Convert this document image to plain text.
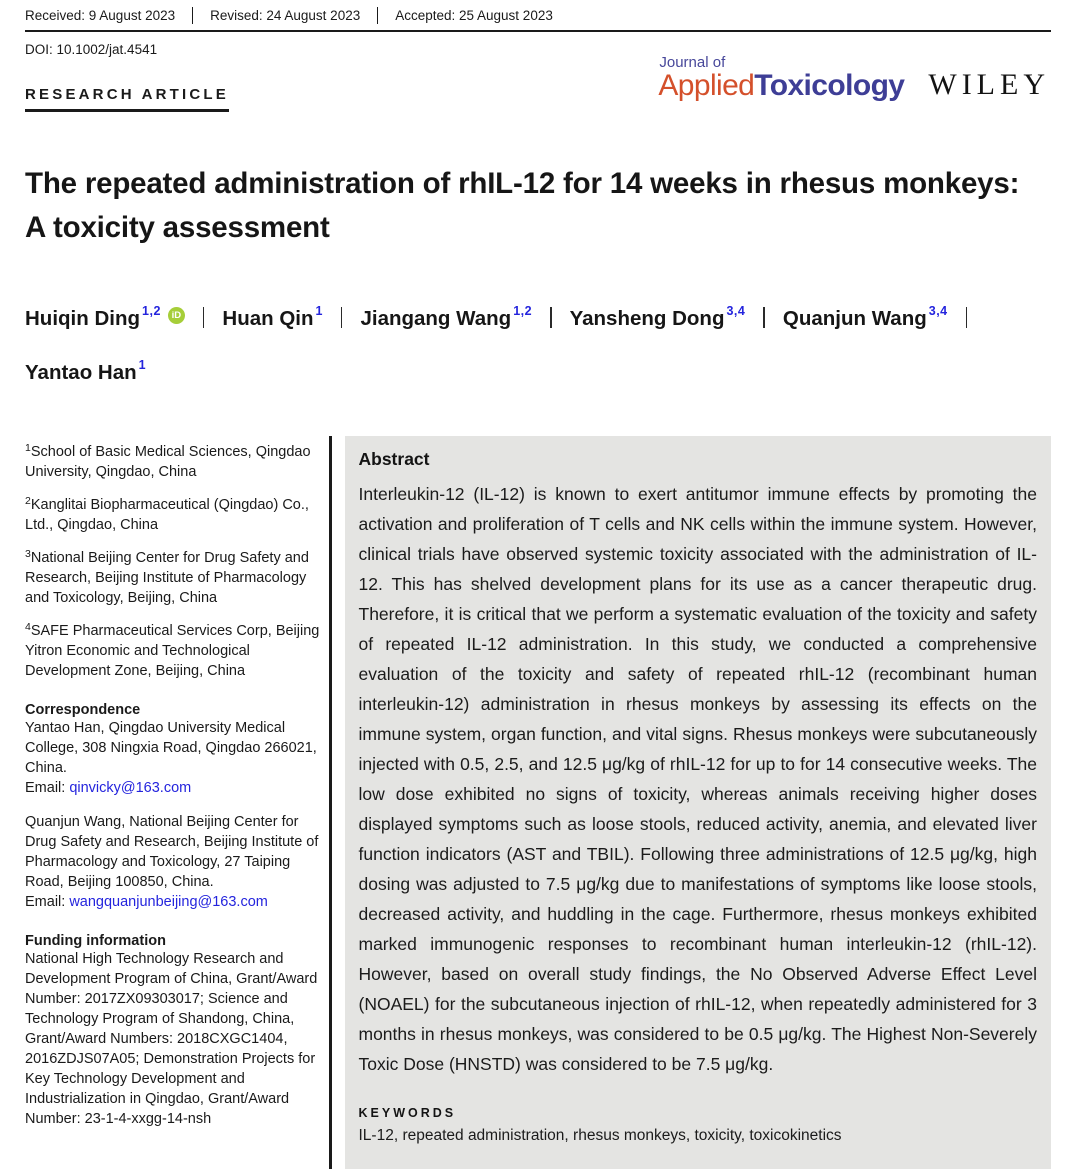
Received: 9 August 2023	Revised: 24 August 2023	Accepted: 25 August 2023
DOI: 10.1002/jat.4541
Journal of
AppliedToxicology WILEY
RESEARCH ARTICLE
The repeated administration of rhIL-12 for 14 weeks in rhesus monkeys: A toxicity assessment
Huiqin Ding $^{1,2}$ iD Huan Qin $^1$ Jiangang Wang $^{1,2}$ Yansheng Dong $^{3,4}$ Quanjun Wang $^{3,4}$Yantao Han $^1$

$^1$School of Basic Medical Sciences, Qingdao University, Qingdao, China

$^2$Kanglitai Biopharmaceutical (Qingdao) Co., Ltd., Qingdao, China

$^3$National Beijing Center for Drug Safety and Research, Beijing Institute of Pharmacology and Toxicology, Beijing, China

$^4$SAFE Pharmaceutical Services Corp, Beijing Yitron Economic and Technological Development Zone, Beijing, China

Correspondence

Yantao Han, Qingdao University Medical College, 308 Ningxia Road, Qingdao 266021, China.
Email: qinvicky@163.com

Quanjun Wang, National Beijing Center for Drug Safety and Research, Beijing Institute of Pharmacology and Toxicology, 27 Taiping Road, Beijing 100850, China.
Email: wangquanjunbeijing@163.com

Funding information

National High Technology Research and Development Program of China, Grant/Award Number: 2017ZX09303017; Science and Technology Program of Shandong, China, Grant/Award Numbers: 2018CXGC1404, 2016ZDJS07A05; Demonstration Projects for Key Technology Development and Industrialization in Qingdao, Grant/Award Number: 23-1-4-xxgg-14-nsh

Abstract

Interleukin-12 (IL-12) is known to exert antitumor immune effects by promoting the activation and proliferation of T cells and NK cells within the immune system. However, clinical trials have observed systemic toxicity associated with the administration of IL-12. This has shelved development plans for its use as a cancer therapeutic drug. Therefore, it is critical that we perform a systematic evaluation of the toxicity and safety of repeated IL-12 administration. In this study, we conducted a comprehensive evaluation of the toxicity and safety of repeated rhIL-12 (recombinant human interleukin-12) administration in rhesus monkeys by assessing its effects on the immune system, organ function, and vital signs. Rhesus monkeys were subcutaneously injected with 0.5, 2.5, and 12.5 μg/kg of rhIL-12 for up to for 14 consecutive weeks. The low dose exhibited no signs of toxicity, whereas animals receiving higher doses displayed symptoms such as loose stools, reduced activity, anemia, and elevated liver function indicators (AST and TBIL). Following three administrations of 12.5 μg/kg, high dosing was adjusted to 7.5 μg/kg due to manifestations of symptoms like loose stools, decreased activity, and huddling in the cage. Furthermore, rhesus monkeys exhibited marked immunogenic responses to recombinant human interleukin-12 (rhIL-12). However, based on overall study findings, the No Observed Adverse Effect Level (NOAEL) for the subcutaneous injection of rhIL-12, when repeatedly administered for 3 months in rhesus monkeys, was considered to be 0.5 μg/kg. The Highest Non-Severely Toxic Dose (HNSTD) was considered to be 7.5 μg/kg.

KEYWORDS

IL-12, repeated administration, rhesus monkeys, toxicity, toxicokinetics
